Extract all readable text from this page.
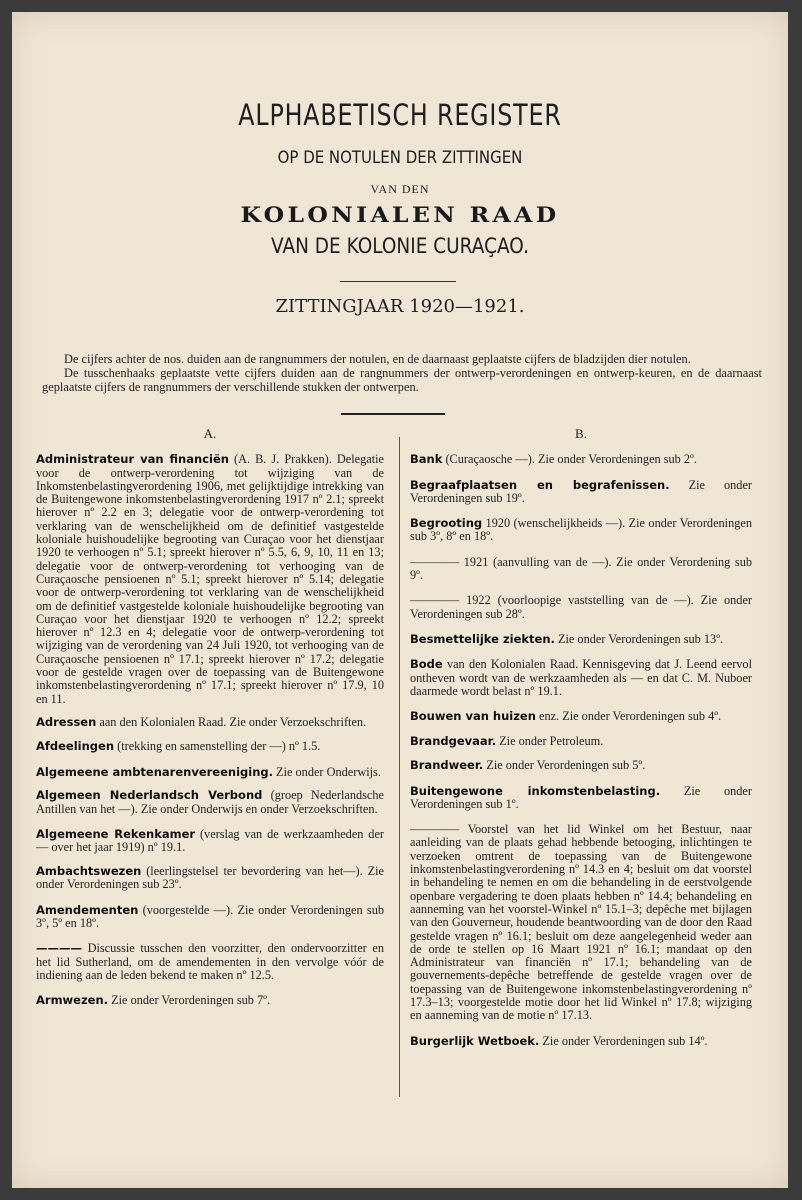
ALPHABETISCH REGISTER
OP DE NOTULEN DER ZITTINGEN
VAN DEN
KOLONIALEN RAAD
VAN DE KOLONIE CURAÇAO.
ZITTINGJAAR 1920—1921.

De cijfers achter de nos. duiden aan de rangnummers der notulen, en de daarnaast geplaatste cijfers de bladzijden dier notulen.

De tusschenhaaks geplaatste vette cijfers duiden aan de rangnummers der ontwerp-verordeningen en ontwerp-keuren, en de daarnaast geplaatste cijfers de rangnummers der verschillende stukken der ontwerpen.

A.
Administrateur van financiën (A. B. J. Prakken). Delegatie voor de ontwerp-verordening tot wijziging van de Inkomstenbelastingverordening 1906, met gelijktijdige intrekking van de Buitengewone inkomstenbelastingverordening 1917 nº 2.1; spreekt hierover nº 2.2 en 3; delegatie voor de ontwerp-verordening tot verklaring van de wenschelijkheid om de definitief vastgestelde koloniale huishoudelijke begrooting van Curaçao voor het dienstjaar 1920 te verhoogen nº 5.1; spreekt hierover nº 5.5, 6, 9, 10, 11 en 13; delegatie voor de ontwerp-verordening tot verhooging van de Curaçaosche pensioenen nº 5.1; spreekt hierover nº 5.14; delegatie voor de ontwerp-verordening tot verklaring van de wenschelijkheid om de definitief vastgestelde koloniale huishoudelijke begrooting van Curaçao voor het dienstjaar 1920 te verhoogen nº 12.2; spreekt hierover nº 12.3 en 4; delegatie voor de ontwerp-verordening tot wijziging van de verordening van 24 Juli 1920, tot verhooging van de Curaçaosche pensioenen nº 17.1; spreekt hierover nº 17.2; delegatie voor de gestelde vragen over de toepassing van de Buitengewone inkomstenbelastingverordening nº 17.1; spreekt hierover nº 17.9, 10 en 11.
Adressen aan den Kolonialen Raad. Zie onder Verzoekschriften.
Afdeelingen (trekking en samenstelling der —) nº 1.5.
Algemeene ambtenarenvereeniging. Zie onder Onderwijs.
Algemeen Nederlandsch Verbond (groep Nederlandsche Antillen van het —). Zie onder Onderwijs en onder Verzoekschriften.
Algemeene Rekenkamer (verslag van de werkzaamheden der — over het jaar 1919) nº 19.1.
Ambachtswezen (leerlingstelsel ter bevordering van het—). Zie onder Verordeningen sub 23º.
Amendementen (voorgestelde —). Zie onder Verordeningen sub 3º, 5º en 18º.
———— Discussie tusschen den voorzitter, den ondervoorzitter en het lid Sutherland, om de amendementen in den vervolge vóór de indiening aan de leden bekend te maken nº 12.5.
Armwezen. Zie onder Verordeningen sub 7º.
B.
Bank (Curaçaosche —). Zie onder Verordeningen sub 2º.
Begraafplaatsen en begrafenissen. Zie onder Verordeningen sub 19º.
Begrooting 1920 (wenschelijkheids —). Zie onder Verordeningen sub 3º, 8º en 18º.
———— 1921 (aanvulling van de —). Zie onder Verordening sub 9º.
———— 1922 (voorloopige vaststelling van de —). Zie onder Verordeningen sub 28º.
Besmettelijke ziekten. Zie onder Verordeningen sub 13º.
Bode van den Kolonialen Raad. Kennisgeving dat J. Leend eervol ontheven wordt van de werkzaamheden als — en dat C. M. Nuboer daarmede wordt belast nº 19.1.
Bouwen van huizen enz. Zie onder Verordeningen sub 4º.
Brandgevaar. Zie onder Petroleum.
Brandweer. Zie onder Verordeningen sub 5º.
Buitengewone inkomstenbelasting. Zie onder Verordeningen sub 1º.
———— Voorstel van het lid Winkel om het Bestuur, naar aanleiding van de plaats gehad hebbende betooging, inlichtingen te verzoeken omtrent de toepassing van de Buitengewone inkomstenbelastingverordening nº 14.3 en 4; besluit om dat voorstel in behandeling te nemen en om die behandeling in de eerstvolgende openbare vergadering te doen plaats hebben nº 14.4; behandeling en aanneming van het voorstel-Winkel nº 15.1–3; depêche met bijlagen van den Gouverneur, houdende beantwoording van de door den Raad gestelde vragen nº 16.1; besluit om deze aangelegenheid weder aan de orde te stellen op 16 Maart 1921 nº 16.1; mandaat op den Administrateur van financiën nº 17.1; behandeling van de gouvernements-depêche betreffende de gestelde vragen over de toepassing van de Buitengewone inkomstenbelastingverordening nº 17.3–13; voorgestelde motie door het lid Winkel nº 17.8; wijziging en aanneming van de motie nº 17.13.
Burgerlijk Wetboek. Zie onder Verordeningen sub 14º.
